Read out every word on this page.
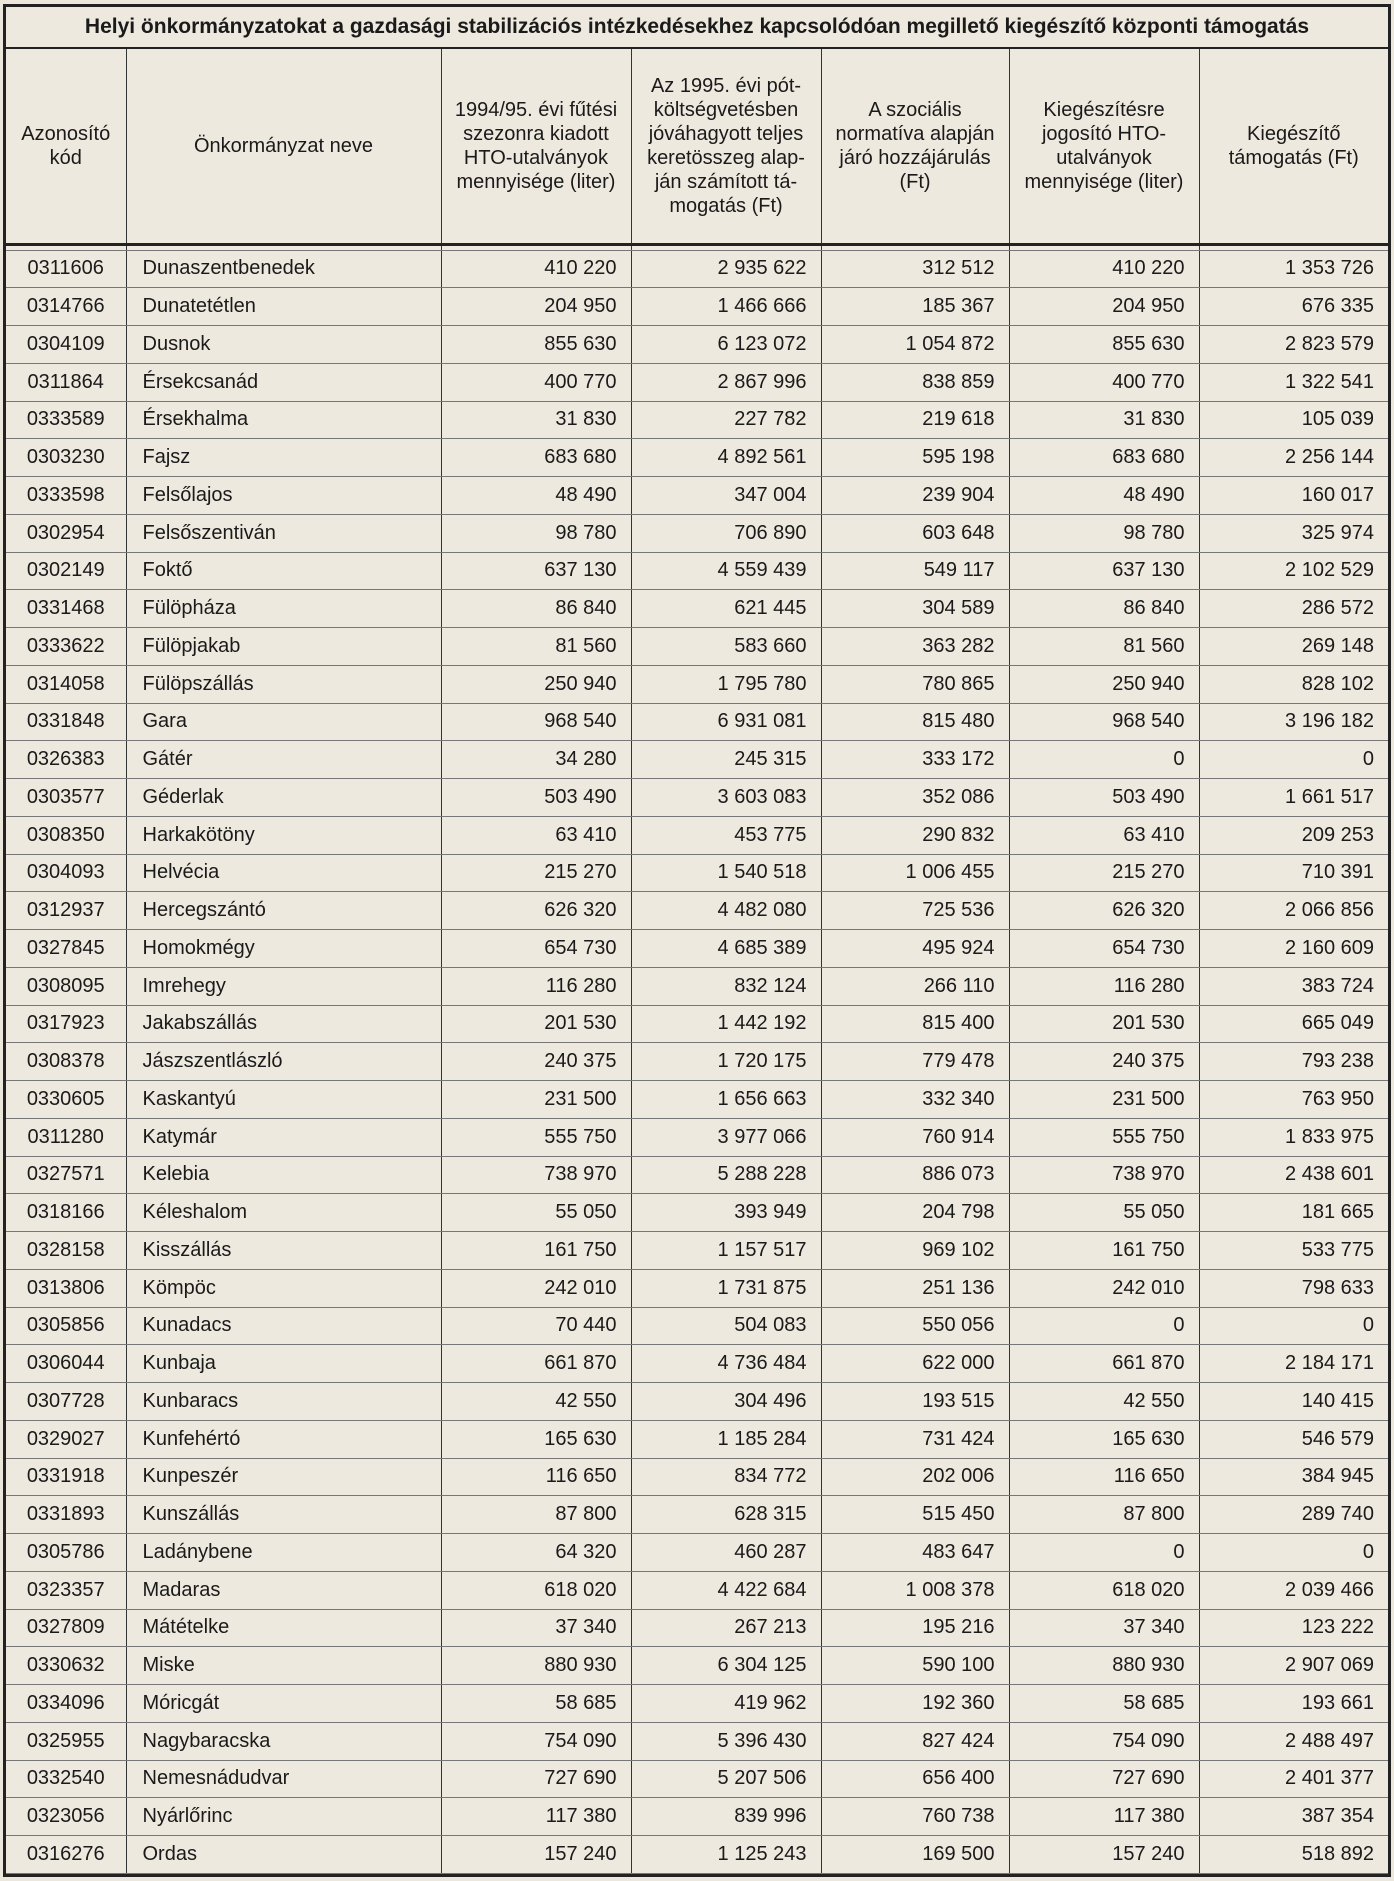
Helyi önkormányzatokat a gazdasági stabilizációs intézkedésekhez kapcsolódóan megillető kiegészítő központi támogatás
Azonosító kód	Önkormányzat neve	1994/95. évi fűtési szezonra kiadott HTO-utalványok mennyisége (liter)	Az 1995. évi pót-költségvetésben jóváhagyott teljes keretösszeg alap-ján számított tá-mogatás (Ft)	A szociális normatíva alapján járó hozzájárulás (Ft)	Kiegészítésre jogosító HTO-utalványok mennyisége (liter)	Kiegészítő támogatás (Ft)

0311606	Dunaszentbenedek	410 220	2 935 622	312 512	410 220	1 353 726
0314766	Dunatetétlen	204 950	1 466 666	185 367	204 950	676 335
0304109	Dusnok	855 630	6 123 072	1 054 872	855 630	2 823 579
0311864	Érsekcsanád	400 770	2 867 996	838 859	400 770	1 322 541
0333589	Érsekhalma	31 830	227 782	219 618	31 830	105 039
0303230	Fajsz	683 680	4 892 561	595 198	683 680	2 256 144
0333598	Felsőlajos	48 490	347 004	239 904	48 490	160 017
0302954	Felsőszentiván	98 780	706 890	603 648	98 780	325 974
0302149	Foktő	637 130	4 559 439	549 117	637 130	2 102 529
0331468	Fülöpháza	86 840	621 445	304 589	86 840	286 572
0333622	Fülöpjakab	81 560	583 660	363 282	81 560	269 148
0314058	Fülöpszállás	250 940	1 795 780	780 865	250 940	828 102
0331848	Gara	968 540	6 931 081	815 480	968 540	3 196 182
0326383	Gátér	34 280	245 315	333 172	0	0
0303577	Géderlak	503 490	3 603 083	352 086	503 490	1 661 517
0308350	Harkakötöny	63 410	453 775	290 832	63 410	209 253
0304093	Helvécia	215 270	1 540 518	1 006 455	215 270	710 391
0312937	Hercegszántó	626 320	4 482 080	725 536	626 320	2 066 856
0327845	Homokmégy	654 730	4 685 389	495 924	654 730	2 160 609
0308095	Imrehegy	116 280	832 124	266 110	116 280	383 724
0317923	Jakabszállás	201 530	1 442 192	815 400	201 530	665 049
0308378	Jászszentlászló	240 375	1 720 175	779 478	240 375	793 238
0330605	Kaskantyú	231 500	1 656 663	332 340	231 500	763 950
0311280	Katymár	555 750	3 977 066	760 914	555 750	1 833 975
0327571	Kelebia	738 970	5 288 228	886 073	738 970	2 438 601
0318166	Kéleshalom	55 050	393 949	204 798	55 050	181 665
0328158	Kisszállás	161 750	1 157 517	969 102	161 750	533 775
0313806	Kömpöc	242 010	1 731 875	251 136	242 010	798 633
0305856	Kunadacs	70 440	504 083	550 056	0	0
0306044	Kunbaja	661 870	4 736 484	622 000	661 870	2 184 171
0307728	Kunbaracs	42 550	304 496	193 515	42 550	140 415
0329027	Kunfehértó	165 630	1 185 284	731 424	165 630	546 579
0331918	Kunpeszér	116 650	834 772	202 006	116 650	384 945
0331893	Kunszállás	87 800	628 315	515 450	87 800	289 740
0305786	Ladánybene	64 320	460 287	483 647	0	0
0323357	Madaras	618 020	4 422 684	1 008 378	618 020	2 039 466
0327809	Mátételke	37 340	267 213	195 216	37 340	123 222
0330632	Miske	880 930	6 304 125	590 100	880 930	2 907 069
0334096	Móricgát	58 685	419 962	192 360	58 685	193 661
0325955	Nagybaracska	754 090	5 396 430	827 424	754 090	2 488 497
0332540	Nemesnádudvar	727 690	5 207 506	656 400	727 690	2 401 377
0323056	Nyárlőrinc	117 380	839 996	760 738	117 380	387 354
0316276	Ordas	157 240	1 125 243	169 500	157 240	518 892
